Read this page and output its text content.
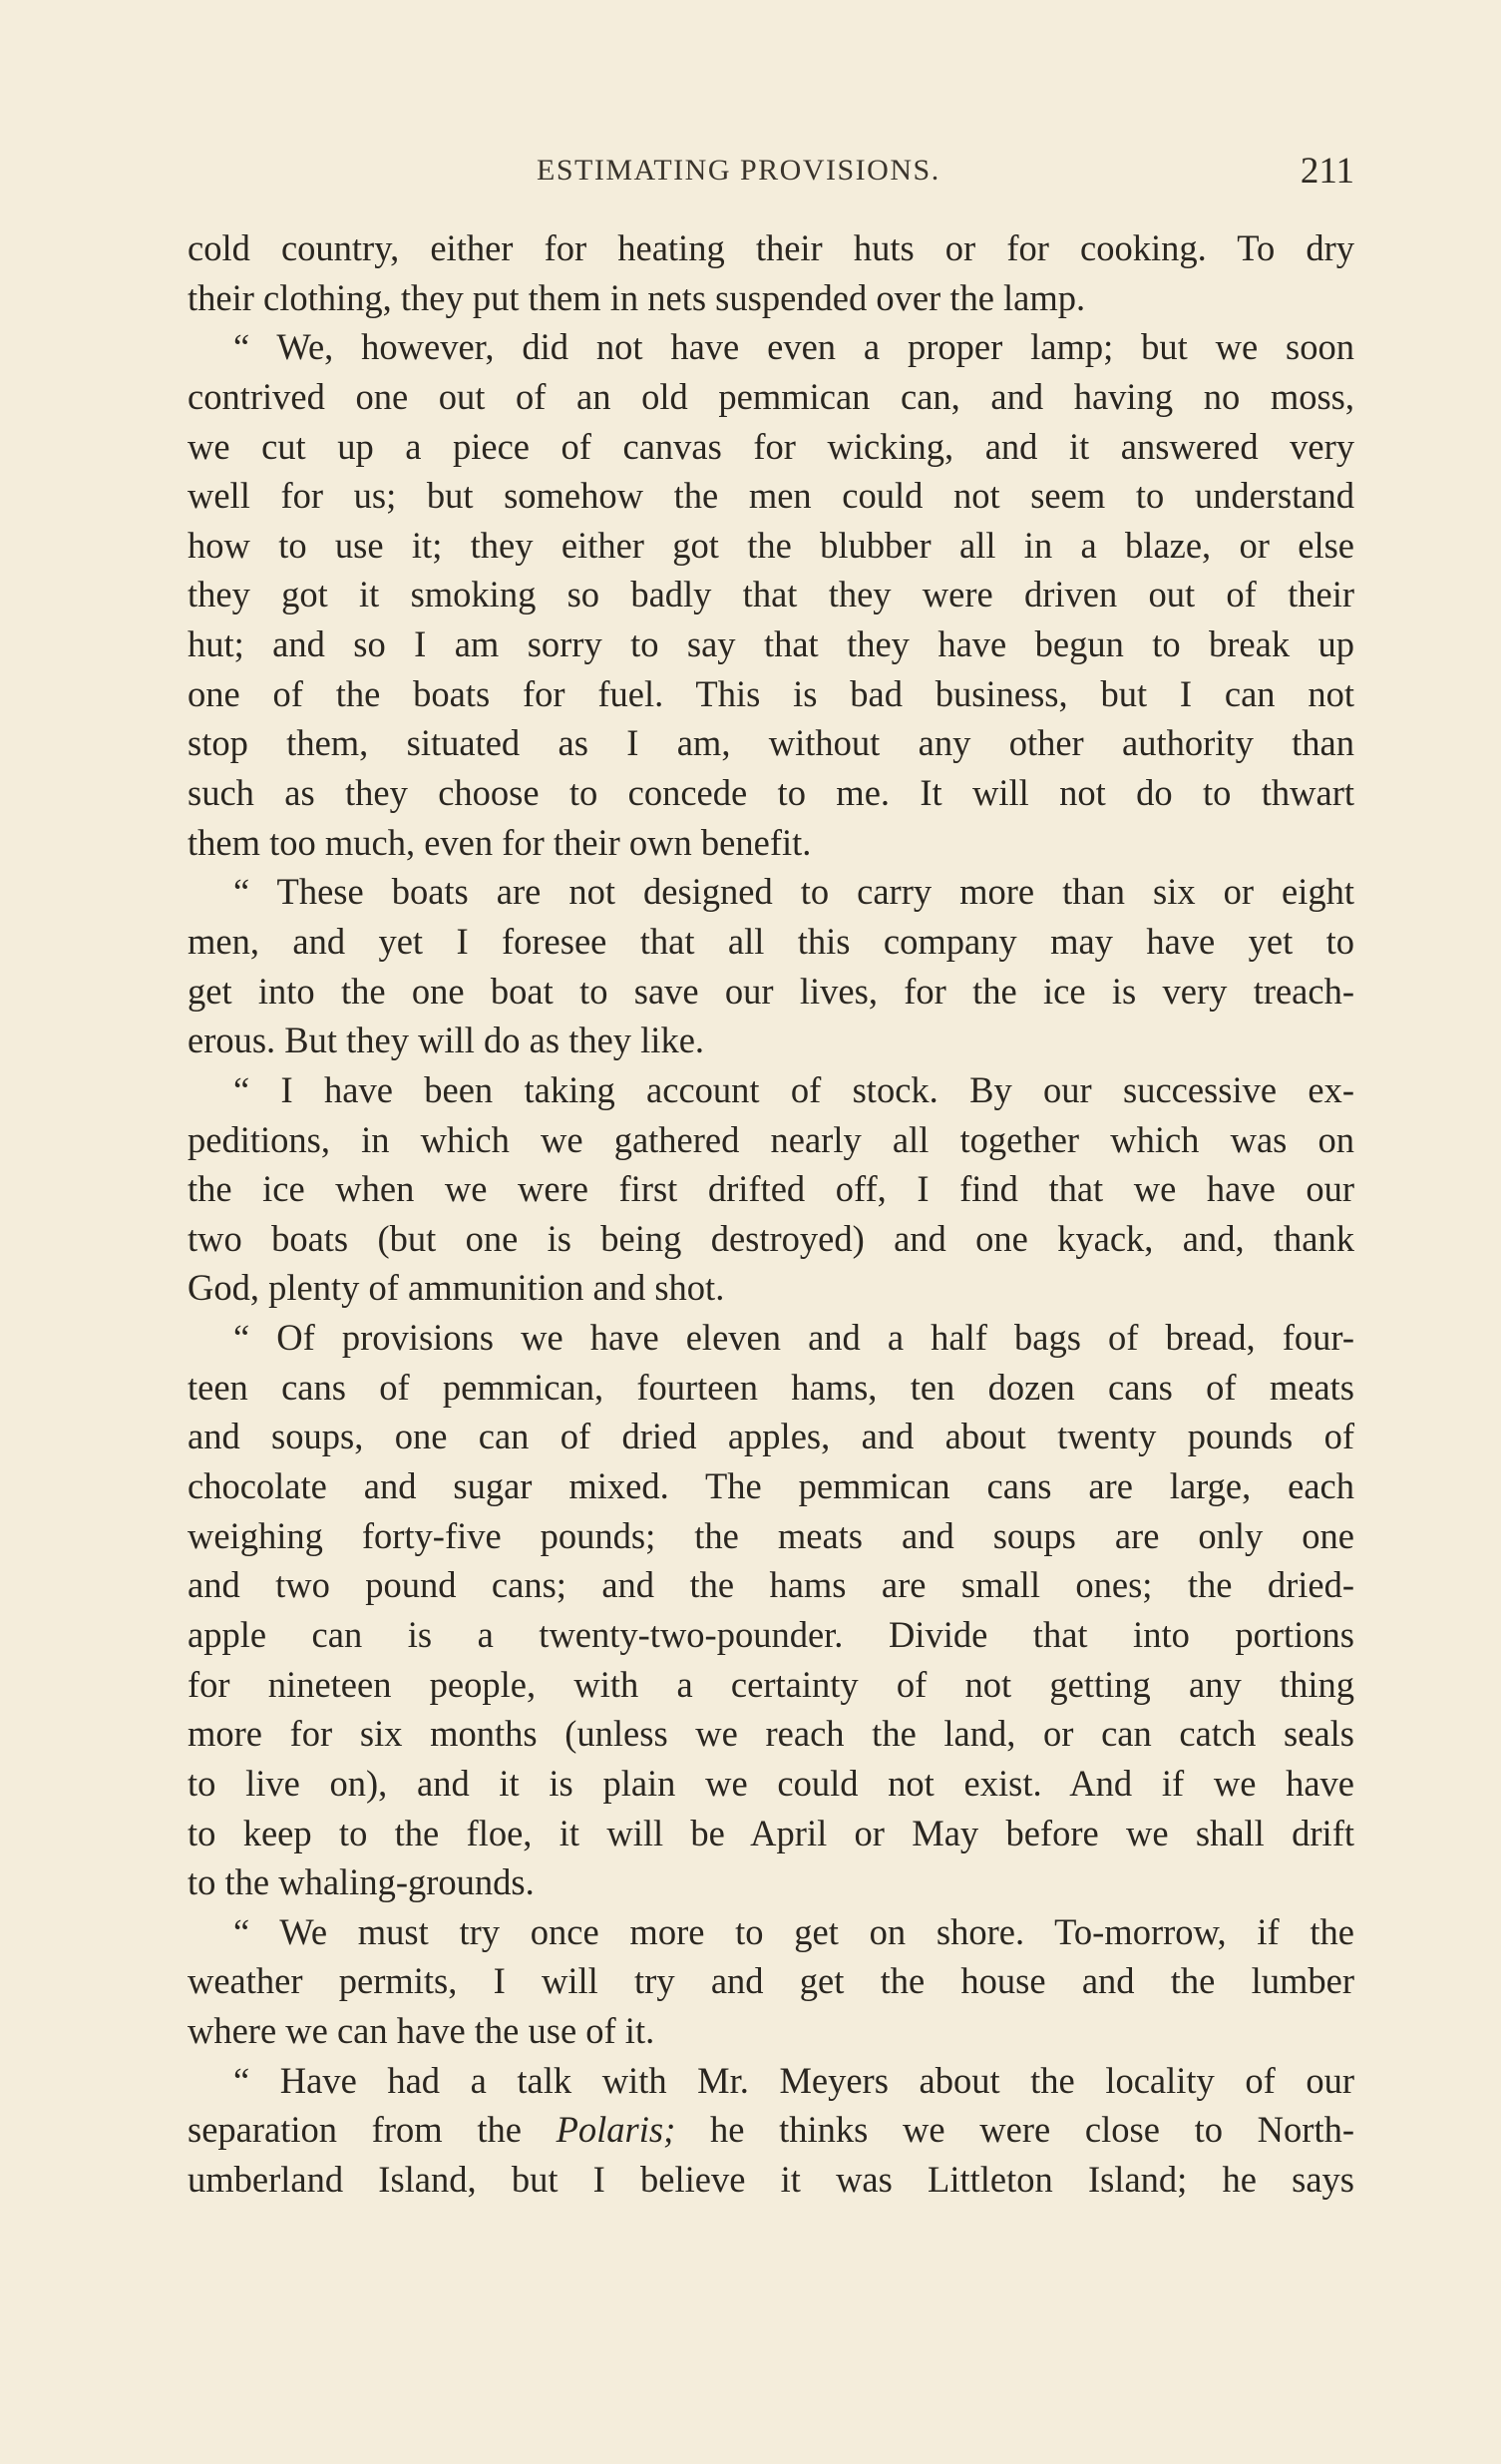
ESTIMATING PROVISIONS.	211
cold country, either for heating their huts or for cooking. To dry
their clothing, they put them in nets suspended over the lamp.
“ We, however, did not have even a proper lamp; but we soon
contrived one out of an old pemmican can, and having no moss,
we cut up a piece of canvas for wicking, and it answered very
well for us; but somehow the men could not seem to understand
how to use it; they either got the blubber all in a blaze, or else
they got it smoking so badly that they were driven out of their
hut; and so I am sorry to say that they have begun to break up
one of the boats for fuel. This is bad business, but I can not
stop them, situated as I am, without any other authority than
such as they choose to concede to me. It will not do to thwart
them too much, even for their own benefit.
“ These boats are not designed to carry more than six or eight
men, and yet I foresee that all this company may have yet to
get into the one boat to save our lives, for the ice is very treach-
erous. But they will do as they like.
“ I have been taking account of stock. By our successive ex-
peditions, in which we gathered nearly all together which was on
the ice when we were first drifted off, I find that we have our
two boats (but one is being destroyed) and one kyack, and, thank
God, plenty of ammunition and shot.
“ Of provisions we have eleven and a half bags of bread, four-
teen cans of pemmican, fourteen hams, ten dozen cans of meats
and soups, one can of dried apples, and about twenty pounds of
chocolate and sugar mixed. The pemmican cans are large, each
weighing forty-five pounds; the meats and soups are only one
and two pound cans; and the hams are small ones; the dried-
apple can is a twenty-two-pounder. Divide that into portions
for nineteen people, with a certainty of not getting any thing
more for six months (unless we reach the land, or can catch seals
to live on), and it is plain we could not exist. And if we have
to keep to the floe, it will be April or May before we shall drift
to the whaling-grounds.
“ We must try once more to get on shore. To-morrow, if the
weather permits, I will try and get the house and the lumber
where we can have the use of it.
“ Have had a talk with Mr. Meyers about the locality of our
separation from the Polaris; he thinks we were close to North-
umberland Island, but I believe it was Littleton Island; he says
